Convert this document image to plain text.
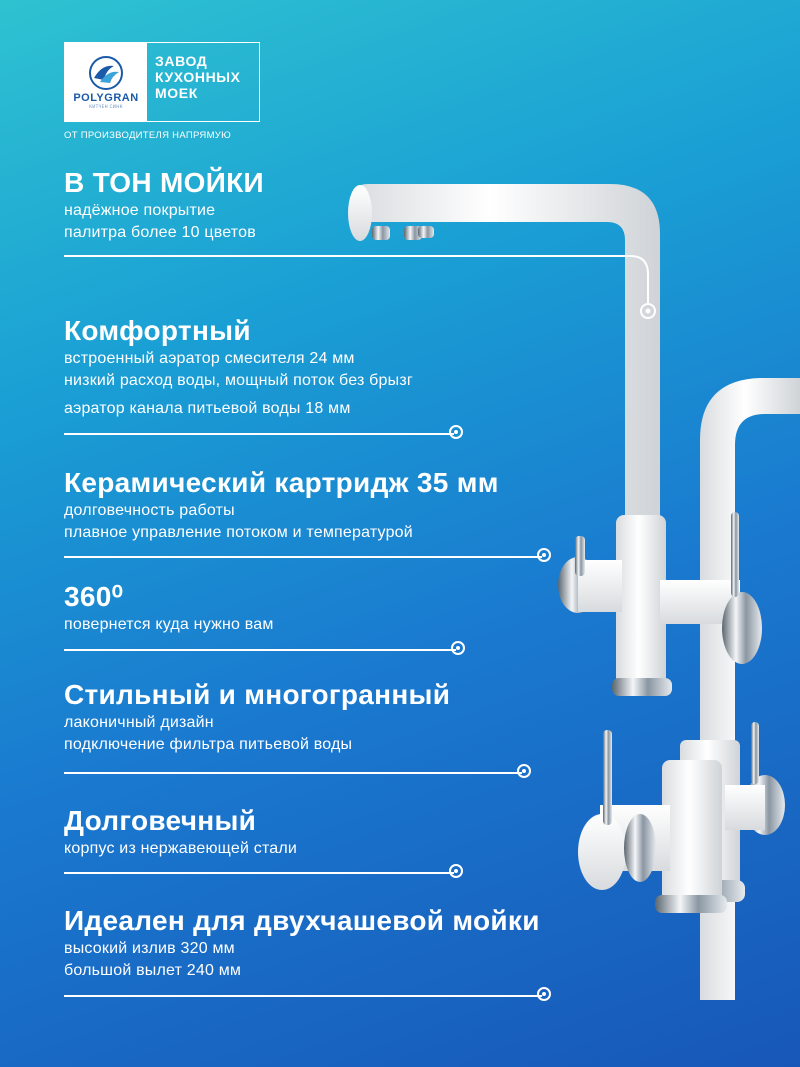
POLYGRAN
КИТЧЕН СИНК
ЗАВОД
КУХОННЫХ
МОЕК
ОТ ПРОИЗВОДИТЕЛЯ НАПРЯМУЮ
В ТОН МОЙКИ

надёжное покрытие

палитра более 10 цветов

Комфортный

встроенный аэратор смесителя 24 мм

низкий расход воды, мощный поток без брызг

аэратор канала питьевой воды 18 мм

Керамический картридж 35 мм

долговечность работы

плавное управление потоком и температурой

360⁰

повернется куда нужно вам

Стильный и многогранный

лаконичный дизайн

подключение фильтра питьевой воды

Долговечный

корпус из нержавеющей стали

Идеален для двухчашевой мойки

высокий излив 320 мм

большой вылет 240 мм
